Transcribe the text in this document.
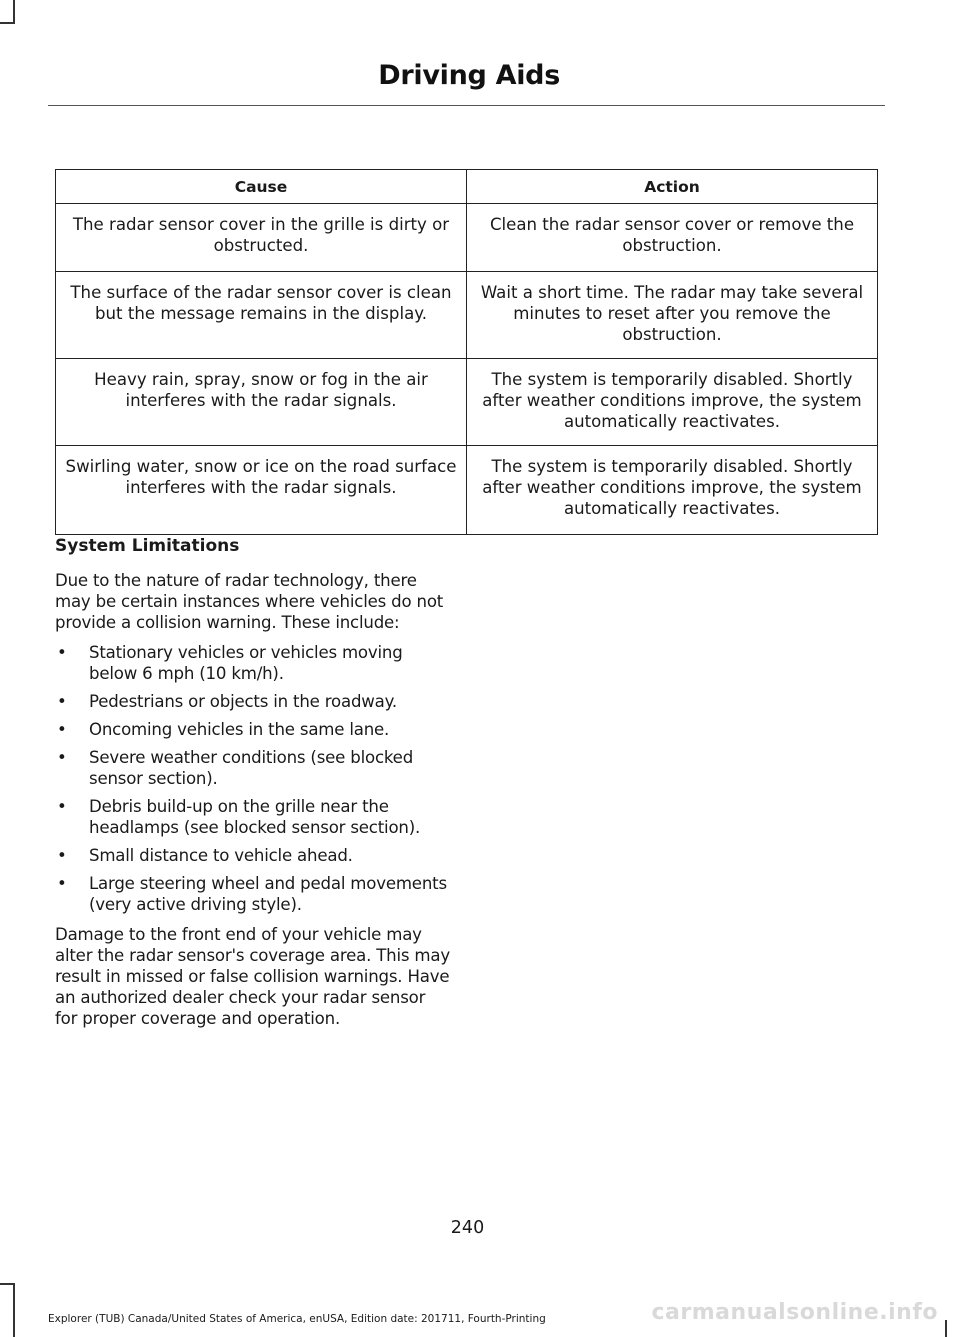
Driving Aids
Cause	Action
The radar sensor cover in the grille is dirty or obstructed.	Clean the radar sensor cover or remove the obstruction.
The surface of the radar sensor cover is clean but the message remains in the display.	Wait a short time. The radar may take several minutes to reset after you remove the obstruction.
Heavy rain, spray, snow or fog in the air interferes with the radar signals.	The system is temporarily disabled. Shortly after weather conditions improve, the system automatically reactivates.
Swirling water, snow or ice on the road surface interferes with the radar signals.	The system is temporarily disabled. Shortly after weather conditions improve, the system automatically reactivates.
System Limitations

Due to the nature of radar technology, there may be certain instances where vehicles do not provide a collision warning. These include:

• Stationary vehicles or vehicles moving below 6 mph (10 km/h).
• Pedestrians or objects in the roadway.
• Oncoming vehicles in the same lane.
• Severe weather conditions (see blocked sensor section).
• Debris build-up on the grille near the headlamps (see blocked sensor section).
• Small distance to vehicle ahead.
• Large steering wheel and pedal movements (very active driving style).

Damage to the front end of your vehicle may alter the radar sensor's coverage area. This may result in missed or false collision warnings. Have an authorized dealer check your radar sensor for proper coverage and operation.

240
Explorer (TUB) Canada/United States of America, enUSA, Edition date: 201711, Fourth-Printing	carmanualsonline.info
